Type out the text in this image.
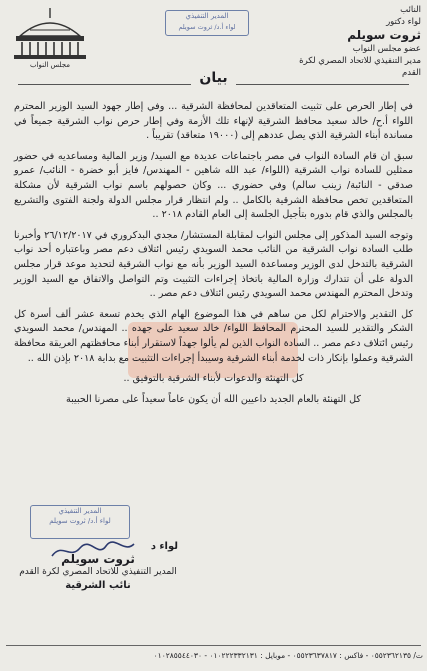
النائب
لواء دكتور
ثروت سويلم
عضو مجلس النواب
مدير التنفيذي للاتحاد المصري لكرة القدم
المدير التنفيذي
لواء أ.د/ ثروت سويلم
مجلس النواب
بيان

في إطار الحرص على تثبيت المتعاقدين لمحافظة الشرقية ... وفي إطار جهود السيد الوزير المحترم اللواء أ.ح/ خالد سعيد محافظ الشرقية لإنهاء تلك الأزمة وفي إطار حرص نواب الشرقية جميعاً في مساندة أبناء الشرقية الذي يصل عددهم إلى (١٩٠٠٠ متعاقد) تقريباً .

سبق ان قام السادة النواب في مصر باجتماعات عديدة مع السيد/ وزير المالية ومساعديه في حضور ممثلين للسادة نواب الشرقية (اللواء/ عبد الله شاهين - المهندس/ فايز أبو خضرة - النائب/ عمرو صدقي - النائبة/ زينب سالم) وفي حضوري ... وكان حصولهم باسم نواب الشرقية لأن مشكلة المتعاقدين تخص محافظة الشرقية بالكامل .. ولم انتظار قرار مجلس الدولة ولجنة الفتوى والتشريع بالمجلس والذي قام بدوره بتأجيل الجلسة إلى العام القادم ٢٠١٨ ..

وتوجه السيد المذكور إلى مجلس النواب لمقابلة المستشار/ مجدي البدكروري في ٢٦/١٢/٢٠١٧ وأخبرنا طلب السادة نواب الشرقية من النائب محمد السويدي رئيس ائتلاف دعم مصر وباعتباره أحد نواب الشرقية بالتدخل لدى الوزير ومساعدة السيد الوزير بأنه مع نواب الشرقية لتحديد موعد قرار مجلس الدولة على أن تتدارك وزارة المالية باتخاذ إجراءات التثبيت وتم التواصل والاتفاق مع السيد الوزير وتدخل المحترم المهندس محمد السويدي رئيس ائتلاف دعم مصر ..

كل التقدير والاحترام لكل من ساهم في هذا الموضوع الهام الذي يخدم تسعة عشر ألف أسرة كل الشكر والتقدير للسيد المحترم المحافظ اللواء/ خالد سعيد على جهده .. المهندس/ محمد السويدي رئيس ائتلاف دعم مصر .. السادة النواب الذين لم يألوا جهداً لاستقرار أبناء محافظتهم العريقة محافظة الشرقية وعملوا بإنكار ذات لخدمة أبناء الشرقية وسيبدأ إجراءات التثبيت مع بداية ٢٠١٨ بإذن الله ..

كل التهنئة والدعوات لأبناء الشرقية بالتوفيق ..

كل التهنئة بالعام الجديد داعيين الله أن يكون عاماً سعيداً على مصرنا الحبيبة

المدير التنفيذي
لواء أ.د/ ثروت سويلم
لواء د
ثروت سويلم
المدير التنفيذي للاتحاد المصري لكرة القدم
نائب الشرقية
ت/ ٠٥٥٢٣٦٢١٣٥ - فاكس : ٠٥٥٢٣٦٣٧٨١٧ - موبايل : ٠١٠٢٢٢٣٣٢١٣١ - ٠١٠٢٨٥٥٤٤٠٣٠
